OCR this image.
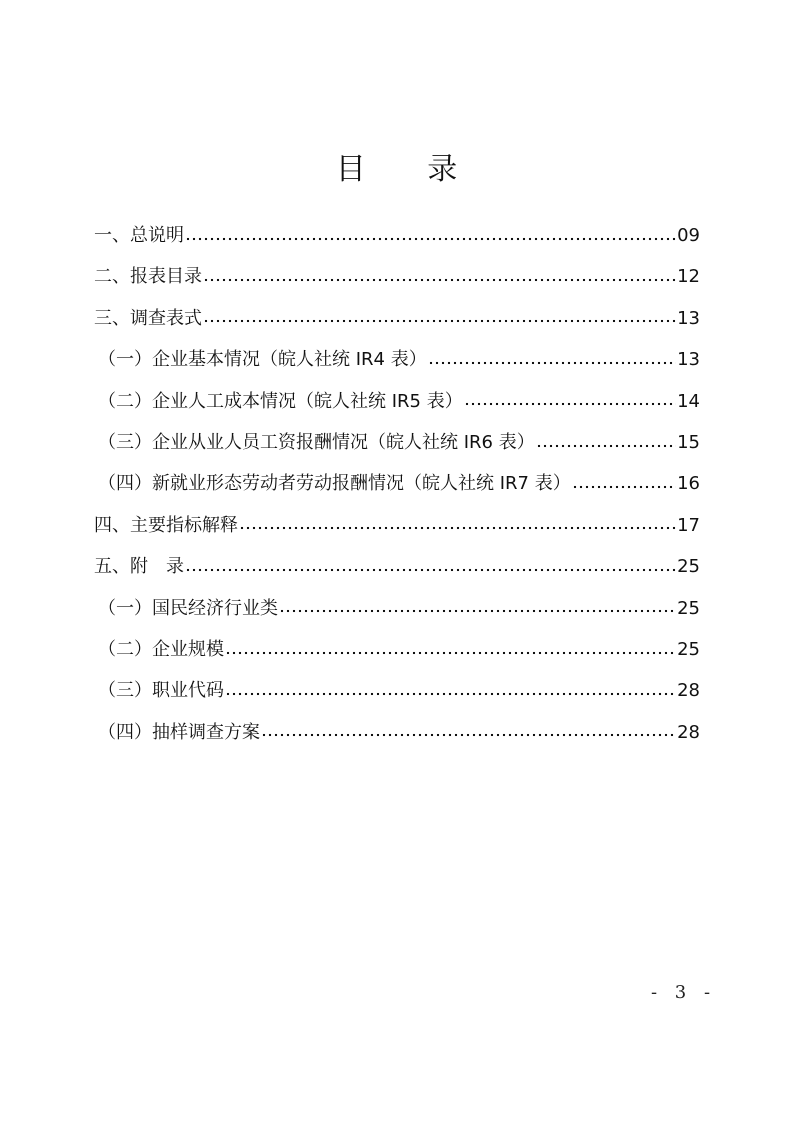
目 录
一、总说明	09
二、报表目录	12
三、调查表式	13
（一）企业基本情况（皖人社统 IR4 表）	13
（二）企业人工成本情况（皖人社统 IR5 表）	14
（三）企业从业人员工资报酬情况（皖人社统 IR6 表）	15
（四）新就业形态劳动者劳动报酬情况（皖人社统 IR7 表）	16
四、主要指标解释	17
五、附　录	25
（一）国民经济行业类	25
（二）企业规模	25
（三）职业代码	28
（四）抽样调查方案	28
- 3 -
